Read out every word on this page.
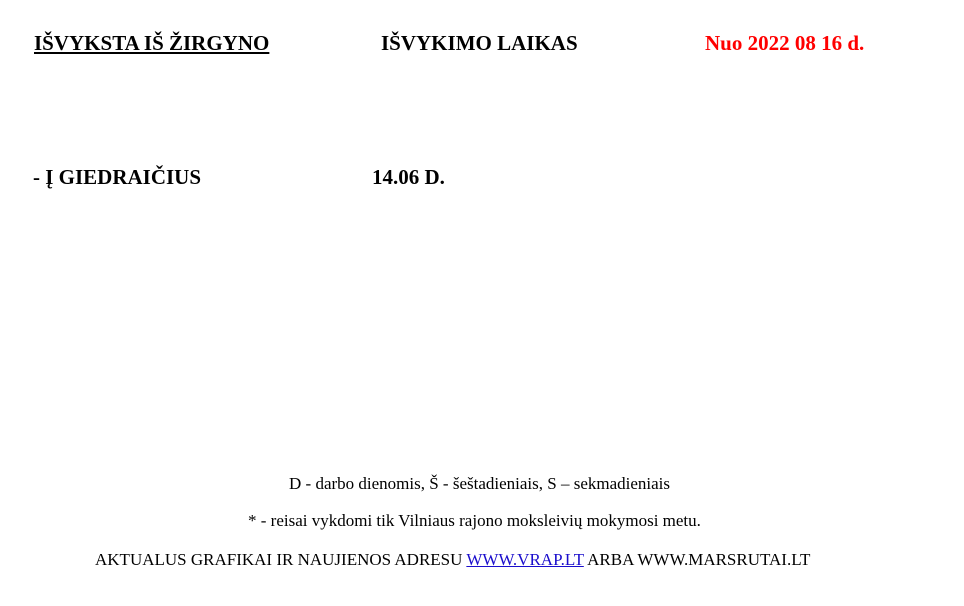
IŠVYKSTA IŠ ŽIRGYNO	IŠVYKIMO LAIKAS	Nuo 2022 08 16 d.
- Į GIEDRAIČIUS	14.06 D.
D - darbo dienomis, Š - šeštadieniais, S – sekmadieniais
* - reisai vykdomi tik Vilniaus rajono moksleivių mokymosi metu.
AKTUALUS GRAFIKAI IR NAUJIENOS ADRESU WWW.VRAP.LT ARBA WWW.MARSRUTAI.LT
